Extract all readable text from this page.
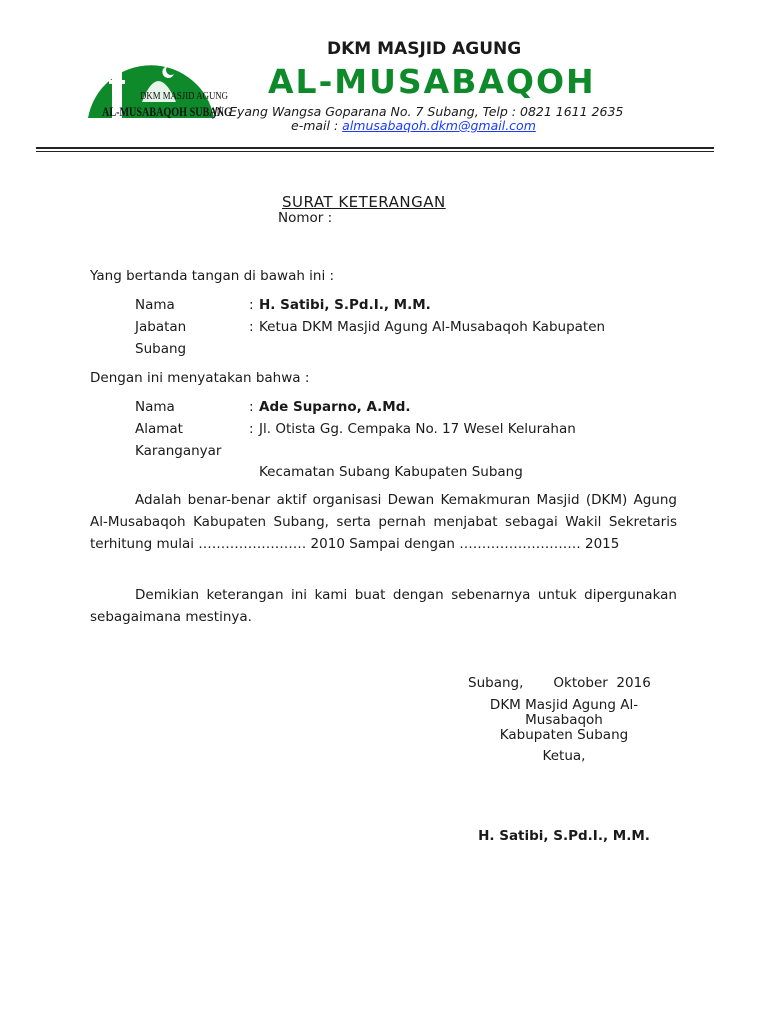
DKM MASJID AGUNG
AL-MUSABAQOH SUBANG
DKM MASJID AGUNG
AL-MUSABAQOH
Jl. Eyang Wangsa Goparana No. 7 Subang, Telp : 0821 1611 2635
e-mail : almusabaqoh.dkm@gmail.com
SURAT KETERANGAN
Nomor :
Yang bertanda tangan di bawah ini :
Nama	: H. Satibi, S.Pd.I., M.M.
Jabatan	: Ketua DKM Masjid Agung Al-Musabaqoh Kabupaten
Subang
Dengan ini menyatakan bahwa :
Nama	: Ade Suparno, A.Md.
Alamat	: Jl. Otista Gg. Cempaka No. 17 Wesel Kelurahan
Karanganyar
Kecamatan Subang Kabupaten Subang
Adalah benar-benar aktif organisasi Dewan Kemakmuran Masjid (DKM) Agung Al-Musabaqoh Kabupaten Subang, serta pernah menjabat sebagai Wakil Sekretaris terhitung mulai …………………… 2010 Sampai dengan ……………………… 2015
Demikian keterangan ini kami buat dengan sebenarnya untuk dipergunakan sebagaimana mestinya.
Subang,       Oktober  2016
DKM Masjid Agung Al-
Musabaqoh
Kabupaten Subang
Ketua,
H. Satibi, S.Pd.I., M.M.
